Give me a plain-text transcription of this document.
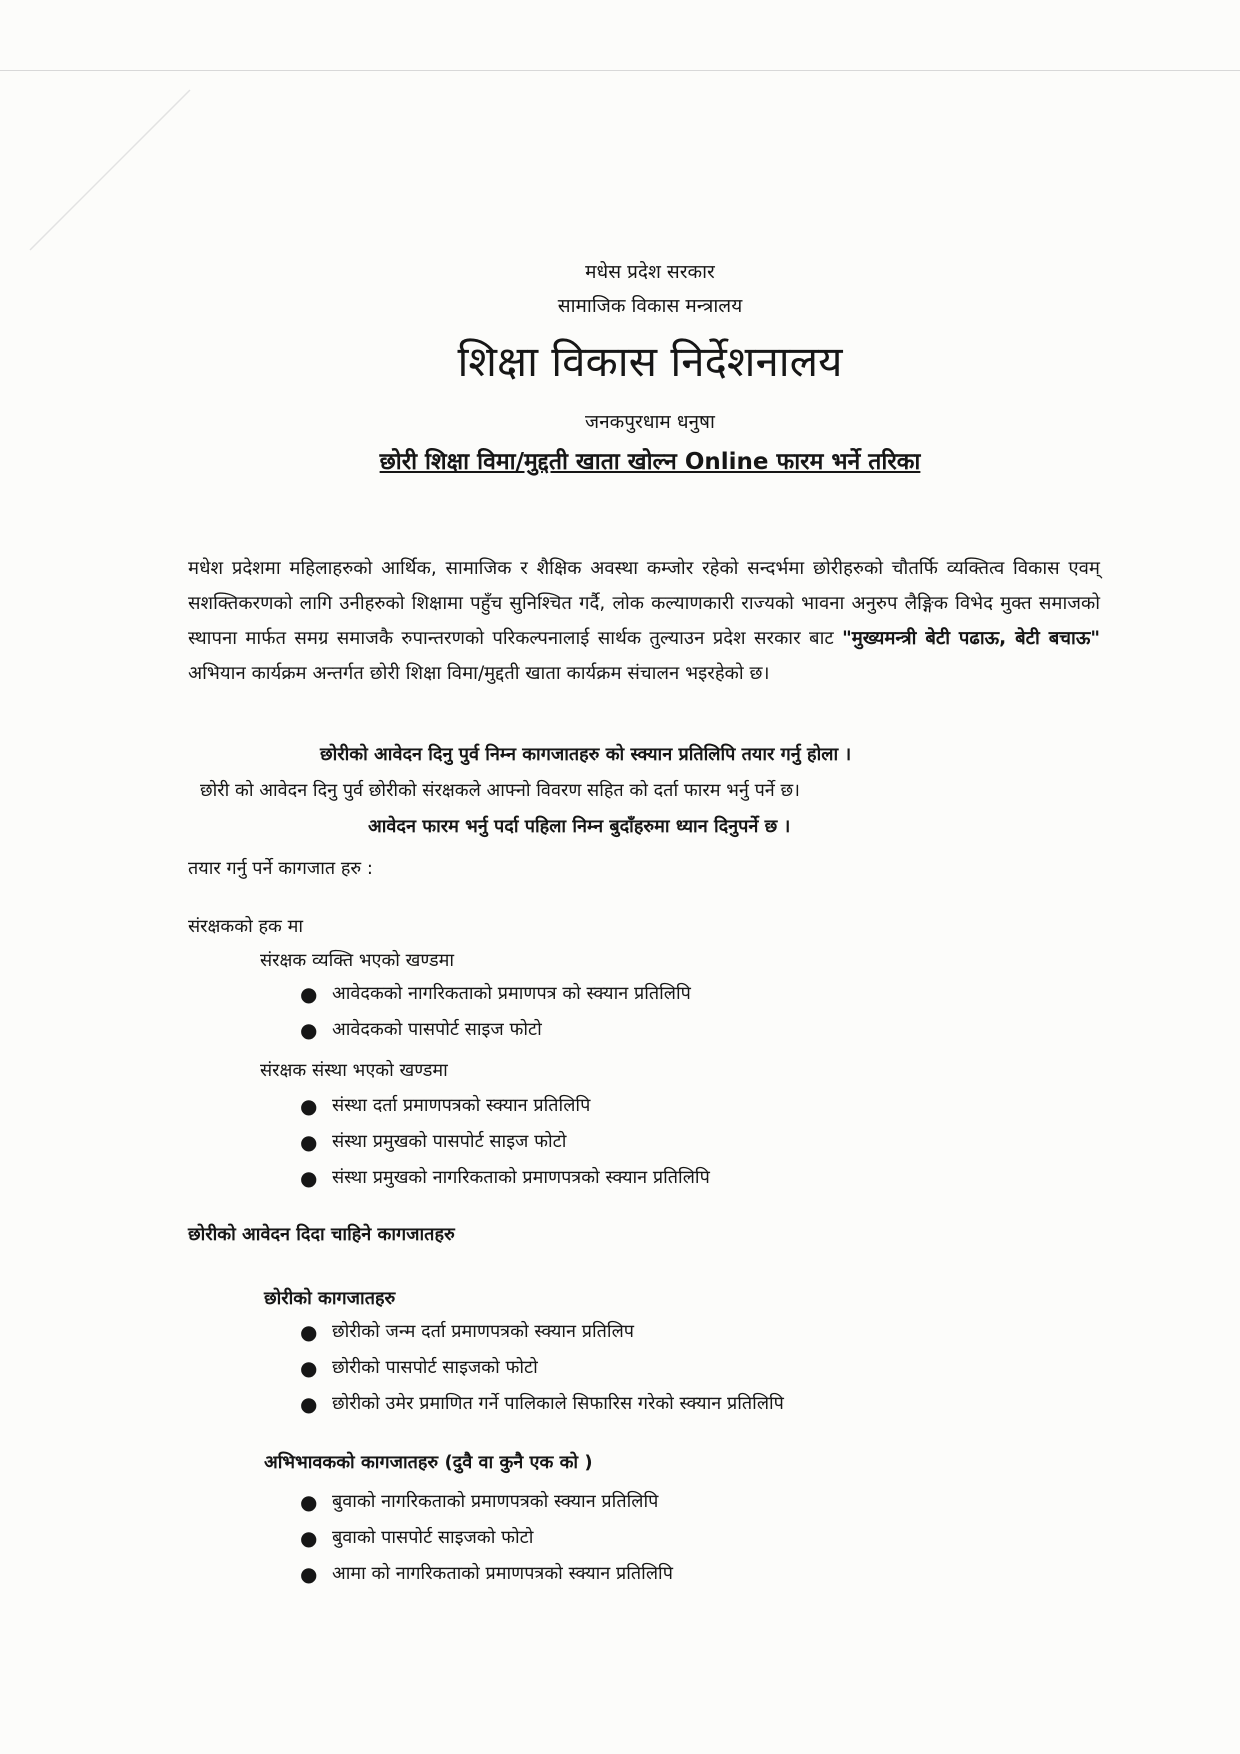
मधेस प्रदेश सरकार
सामाजिक विकास मन्त्रालय
शिक्षा विकास निर्देशनालय
जनकपुरधाम धनुषा
छोरी शिक्षा विमा/मुद्दती खाता खोल्न Online फारम भर्ने तरिका

मधेश प्रदेशमा महिलाहरुको आर्थिक, सामाजिक र शैक्षिक अवस्था कम्जोर रहेको सन्दर्भमा छोरीहरुको चौतर्फि व्यक्तित्व विकास एवम् सशक्तिकरणको लागि उनीहरुको शिक्षामा पहुँच सुनिश्चित गर्दै, लोक कल्याणकारी राज्यको भावना अनुरुप लैङ्गिक विभेद मुक्त समाजको स्थापना मार्फत समग्र समाजकै रुपान्तरणको परिकल्पनालाई सार्थक तुल्याउन प्रदेश सरकार बाट "मुख्यमन्त्री बेटी पढाऊ, बेटी बचाऊ" अभियान कार्यक्रम अन्तर्गत छोरी शिक्षा विमा/मुद्दती खाता कार्यक्रम संचालन भइरहेको छ।

छोरीको आवेदन दिनु पुर्व निम्न कागजातहरु को स्क्यान प्रतिलिपि तयार गर्नु होला ।
छोरी को आवेदन दिनु पुर्व छोरीको संरक्षकले आफ्नो विवरण सहित को दर्ता फारम भर्नु पर्ने छ।
आवेदन फारम भर्नु पर्दा पहिला निम्न बुदाँहरुमा ध्यान दिनुपर्ने छ ।
तयार गर्नु पर्ने कागजात हरु :
संरक्षकको हक मा
संरक्षक व्यक्ति भएको खण्डमा
● आवेदकको नागरिकताको प्रमाणपत्र को स्क्यान प्रतिलिपि
● आवेदकको पासपोर्ट साइज फोटो
संरक्षक संस्था भएको खण्डमा
● संस्था दर्ता प्रमाणपत्रको स्क्यान प्रतिलिपि
● संस्था प्रमुखको पासपोर्ट साइज फोटो
● संस्था प्रमुखको नागरिकताको प्रमाणपत्रको स्क्यान प्रतिलिपि
छोरीको आवेदन दिदा चाहिने कागजातहरु
छोरीको कागजातहरु
● छोरीको जन्म दर्ता प्रमाणपत्रको स्क्यान प्रतिलिप
● छोरीको पासपोर्ट साइजको फोटो
● छोरीको उमेर प्रमाणित गर्ने पालिकाले सिफारिस गरेको स्क्यान प्रतिलिपि
अभिभावकको कागजातहरु (दुवै वा कुनै एक को )
● बुवाको नागरिकताको प्रमाणपत्रको स्क्यान प्रतिलिपि
● बुवाको पासपोर्ट साइजको फोटो
● आमा को नागरिकताको प्रमाणपत्रको स्क्यान प्रतिलिपि
